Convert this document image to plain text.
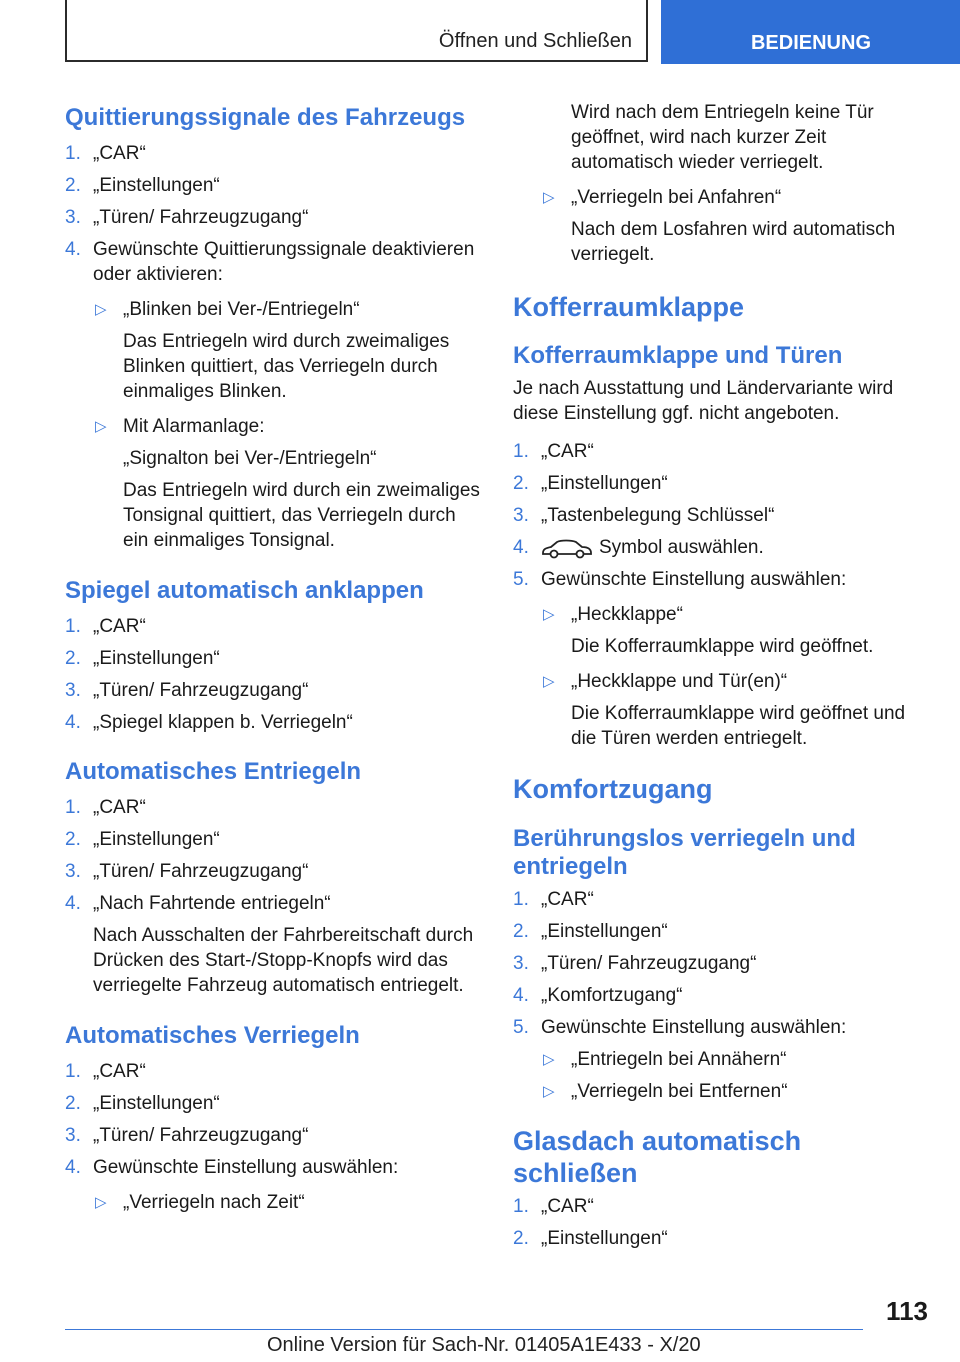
Öffnen und Schließen	BEDIENUNG
Quittierungssignale des Fahrzeugs
1. „CAR“
2. „Einstellungen“
3. „Türen/ Fahrzeugzugang“
4. Gewünschte Quittierungssignale deaktivieren oder aktivieren:
▷ „Blinken bei Ver-/Entriegeln“
Das Entriegeln wird durch zweimaliges Blinken quittiert, das Verriegeln durch einmaliges Blinken.
▷ Mit Alarmanlage:
„Signalton bei Ver-/Entriegeln“
Das Entriegeln wird durch ein zweimaliges Tonsignal quittiert, das Verriegeln durch ein einmaliges Tonsignal.
Spiegel automatisch anklappen
1. „CAR“
2. „Einstellungen“
3. „Türen/ Fahrzeugzugang“
4. „Spiegel klappen b. Verriegeln“
Automatisches Entriegeln
1. „CAR“
2. „Einstellungen“
3. „Türen/ Fahrzeugzugang“
4. „Nach Fahrtende entriegeln“
Nach Ausschalten der Fahrbereitschaft durch Drücken des Start-/Stopp-Knopfs wird das verriegelte Fahrzeug automatisch entriegelt.
Automatisches Verriegeln
1. „CAR“
2. „Einstellungen“
3. „Türen/ Fahrzeugzugang“
4. Gewünschte Einstellung auswählen:
▷ „Verriegeln nach Zeit“
Wird nach dem Entriegeln keine Tür geöffnet, wird nach kurzer Zeit automatisch wieder verriegelt.
▷ „Verriegeln bei Anfahren“
Nach dem Losfahren wird automatisch verriegelt.
Kofferraumklappe
Kofferraumklappe und Türen
Je nach Ausstattung und Ländervariante wird diese Einstellung ggf. nicht angeboten.
1. „CAR“
2. „Einstellungen“
3. „Tastenbelegung Schlüssel“
4.	Symbol auswählen.
5. Gewünschte Einstellung auswählen:
▷ „Heckklappe“
Die Kofferraumklappe wird geöffnet.
▷ „Heckklappe und Tür(en)“
Die Kofferraumklappe wird geöffnet und die Türen werden entriegelt.
Komfortzugang
Berührungslos verriegeln und entriegeln
1. „CAR“
2. „Einstellungen“
3. „Türen/ Fahrzeugzugang“
4. „Komfortzugang“
5. Gewünschte Einstellung auswählen:
▷ „Entriegeln bei Annähern“
▷ „Verriegeln bei Entfernen“
Glasdach automatisch schließen
1. „CAR“
2. „Einstellungen“
113
Online Version für Sach-Nr. 01405A1E433 - X/20
